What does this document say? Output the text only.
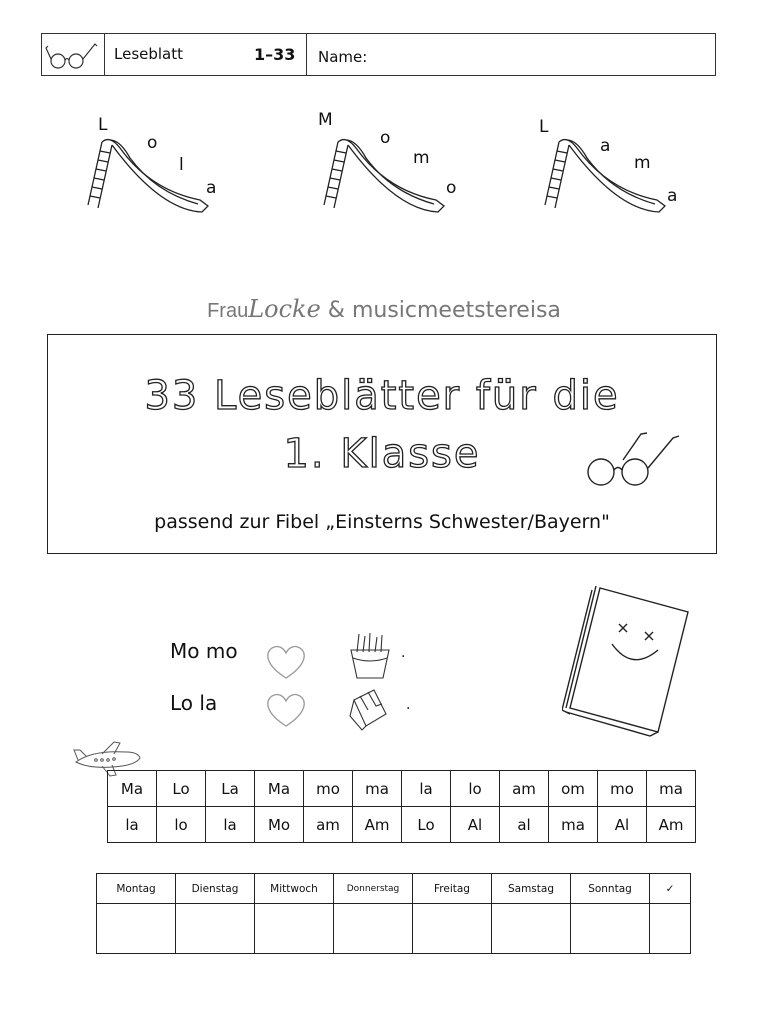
Leseblatt	1–33 Name:
L
o
l
a
M
o
m
o
L
a
m
a
FrauLocke & musicmeetstereisa
33 Leseblätter für die
1. Klasse
passend zur Fibel „Einsterns Schwester/Bayern"
Mo mo
Lo la
.
.
Ma	Lo	La	Ma	mo	ma	la	lo	am	om	mo	ma
la	lo	la	Mo	am	Am	Lo	Al	al	ma	Al	Am
Montag	Dienstag	Mittwoch	Donnerstag	Freitag	Samstag	Sonntag	✓
